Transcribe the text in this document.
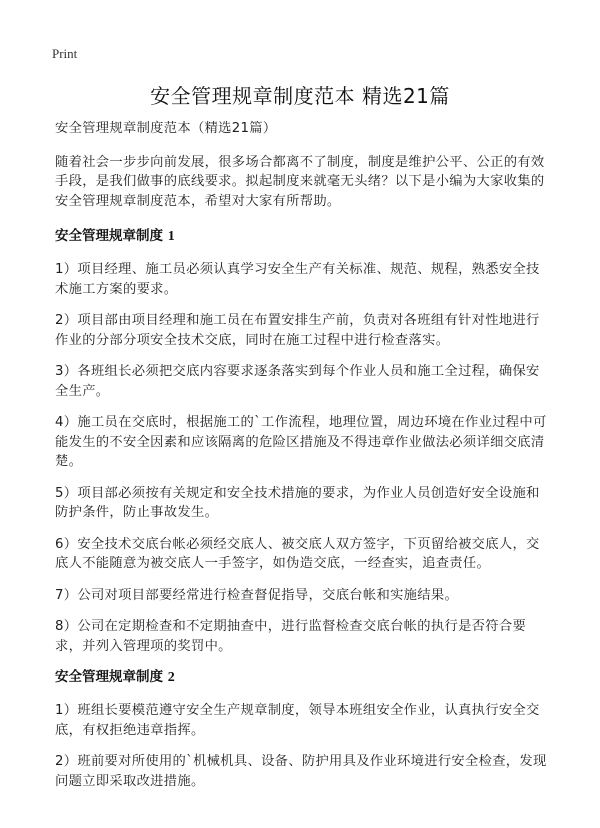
Print
安全管理规章制度范本 精选21篇

安全管理规章制度范本（精选21篇）

随着社会一步步向前发展，很多场合都离不了制度，制度是维护公平、公正的有效手段，是我们做事的底线要求。拟起制度来就毫无头绪？以下是小编为大家收集的安全管理规章制度范本，希望对大家有所帮助。

安全管理规章制度 1

1）项目经理、施工员必须认真学习安全生产有关标准、规范、规程，熟悉安全技术施工方案的要求。

2）项目部由项目经理和施工员在布置安排生产前，负责对各班组有针对性地进行作业的分部分项安全技术交底，同时在施工过程中进行检查落实。

3）各班组长必须把交底内容要求逐条落实到每个作业人员和施工全过程，确保安全生产。

4）施工员在交底时，根据施工的`工作流程，地理位置，周边环境在作业过程中可能发生的不安全因素和应该隔离的危险区措施及不得违章作业做法必须详细交底清楚。

5）项目部必须按有关规定和安全技术措施的要求，为作业人员创造好安全设施和防护条件，防止事故发生。

6）安全技术交底台帐必须经交底人、被交底人双方签字，下页留给被交底人，交底人不能随意为被交底人一手签字，如伪造交底，一经查实，追查责任。

7）公司对项目部要经常进行检查督促指导，交底台帐和实施结果。

8）公司在定期检查和不定期抽查中，进行监督检查交底台帐的执行是否符合要求，并列入管理项的奖罚中。

安全管理规章制度 2

1）班组长要模范遵守安全生产规章制度，领导本班组安全作业，认真执行安全交底，有权拒绝违章指挥。

2）班前要对所使用的`机械机具、设备、防护用具及作业环境进行安全检查，发现问题立即采取改进措施。
